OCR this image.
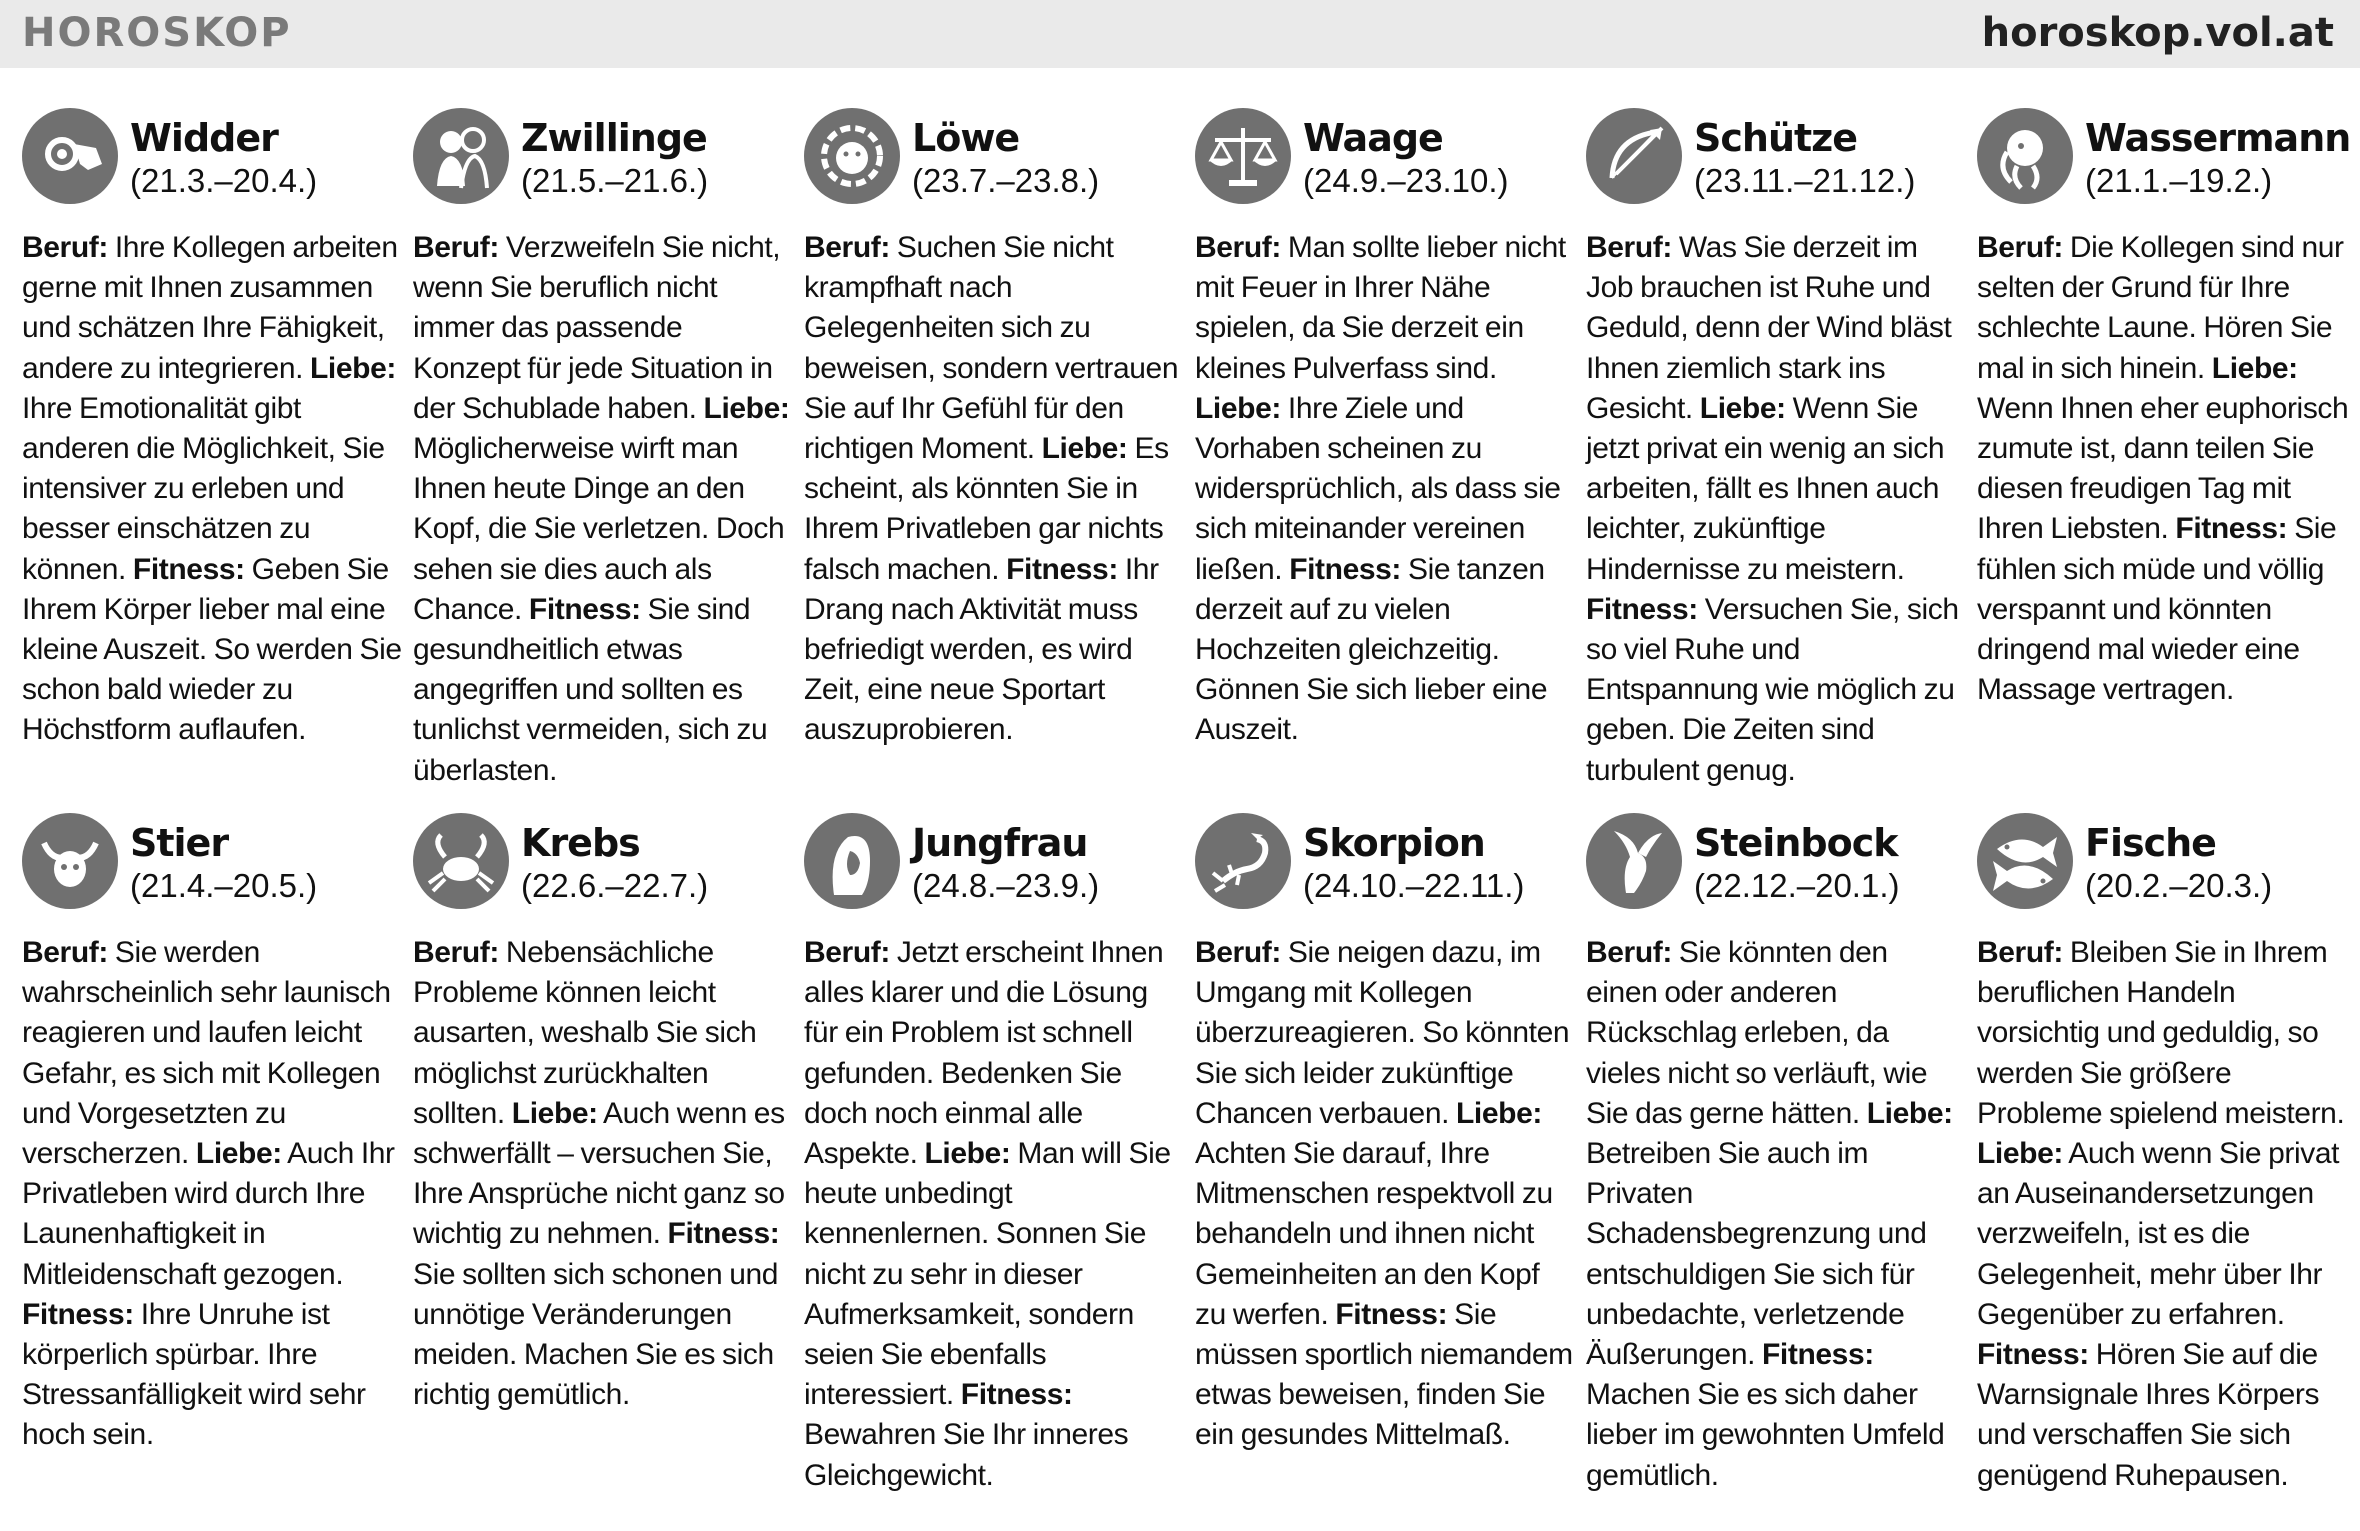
HOROSKOP	horoskop.vol.at
Widder
(21.3.–20.4.)
Beruf: Ihre Kollegen arbeiten gerne mit Ihnen zusammen und schätzen Ihre Fähigkeit, andere zu integrieren. Liebe: Ihre Emotionalität gibt anderen die Möglichkeit, Sie intensiver zu erleben und besser einschätzen zu können. Fitness: Geben Sie Ihrem Körper lieber mal eine kleine Auszeit. So werden Sie schon bald wieder zu Höchstform auflaufen.
Zwillinge
(21.5.–21.6.)
Beruf: Verzweifeln Sie nicht, wenn Sie beruflich nicht immer das passende Konzept für jede Situation in der Schublade haben. Liebe: Möglicherweise wirft man Ihnen heute Dinge an den Kopf, die Sie verletzen. Doch sehen sie dies auch als Chance. Fitness: Sie sind gesundheitlich etwas angegriffen und sollten es tunlichst vermeiden, sich zu überlasten.
Löwe
(23.7.–23.8.)
Beruf: Suchen Sie nicht krampfhaft nach Gelegenheiten sich zu beweisen, sondern vertrauen Sie auf Ihr Gefühl für den richtigen Moment. Liebe: Es scheint, als könnten Sie in Ihrem Privatleben gar nichts falsch machen. Fitness: Ihr Drang nach Aktivität muss befriedigt werden, es wird Zeit, eine neue Sportart auszuprobieren.
Waage
(24.9.–23.10.)
Beruf: Man sollte lieber nicht mit Feuer in Ihrer Nähe spielen, da Sie derzeit ein kleines Pulverfass sind. Liebe: Ihre Ziele und Vorhaben scheinen zu widersprüchlich, als dass sie sich miteinander vereinen ließen. Fitness: Sie tanzen derzeit auf zu vielen Hochzeiten gleichzeitig. Gönnen Sie sich lieber eine Auszeit.
Schütze
(23.11.–21.12.)
Beruf: Was Sie derzeit im Job brauchen ist Ruhe und Geduld, denn der Wind bläst Ihnen ziemlich stark ins Gesicht. Liebe: Wenn Sie jetzt privat ein wenig an sich arbeiten, fällt es Ihnen auch leichter, zukünftige Hindernisse zu meistern. Fitness: Versuchen Sie, sich so viel Ruhe und Entspannung wie möglich zu geben. Die Zeiten sind turbulent genug.
Wassermann
(21.1.–19.2.)
Beruf: Die Kollegen sind nur selten der Grund für Ihre schlechte Laune. Hören Sie mal in sich hinein. Liebe: Wenn Ihnen eher euphorisch zumute ist, dann teilen Sie diesen freudigen Tag mit Ihren Liebsten. Fitness: Sie fühlen sich müde und völlig verspannt und könnten dringend mal wieder eine Massage vertragen.
Stier
(21.4.–20.5.)
Beruf: Sie werden wahrscheinlich sehr launisch reagieren und laufen leicht Gefahr, es sich mit Kollegen und Vorgesetzten zu verscherzen. Liebe: Auch Ihr Privatleben wird durch Ihre Launenhaftigkeit in Mitleidenschaft gezogen. Fitness: Ihre Unruhe ist körperlich spürbar. Ihre Stressanfälligkeit wird sehr hoch sein.
Krebs
(22.6.–22.7.)
Beruf: Nebensächliche Probleme können leicht ausarten, weshalb Sie sich möglichst zurückhalten sollten. Liebe: Auch wenn es schwerfällt – versuchen Sie, Ihre Ansprüche nicht ganz so wichtig zu nehmen. Fitness: Sie sollten sich schonen und unnötige Veränderungen meiden. Machen Sie es sich richtig gemütlich.
Jungfrau
(24.8.–23.9.)
Beruf: Jetzt erscheint Ihnen alles klarer und die Lösung für ein Problem ist schnell gefunden. Bedenken Sie doch noch einmal alle Aspekte. Liebe: Man will Sie heute unbedingt kennenlernen. Sonnen Sie nicht zu sehr in dieser Aufmerksamkeit, sondern seien Sie ebenfalls interessiert. Fitness: Bewahren Sie Ihr inneres Gleichgewicht.
Skorpion
(24.10.–22.11.)
Beruf: Sie neigen dazu, im Umgang mit Kollegen überzureagieren. So könnten Sie sich leider zukünftige Chancen verbauen. Liebe: Achten Sie darauf, Ihre Mitmenschen respektvoll zu behandeln und ihnen nicht Gemeinheiten an den Kopf zu werfen. Fitness: Sie müssen sportlich niemandem etwas beweisen, finden Sie ein gesundes Mittelmaß.
Steinbock
(22.12.–20.1.)
Beruf: Sie könnten den einen oder anderen Rückschlag erleben, da vieles nicht so verläuft, wie Sie das gerne hätten. Liebe: Betreiben Sie auch im Privaten Schadensbegrenzung und entschuldigen Sie sich für unbedachte, verletzende Äußerungen. Fitness: Machen Sie es sich daher lieber im gewohnten Umfeld gemütlich.
Fische
(20.2.–20.3.)
Beruf: Bleiben Sie in Ihrem beruflichen Handeln vorsichtig und geduldig, so werden Sie größere Probleme spielend meistern. Liebe: Auch wenn Sie privat an Auseinandersetzungen verzweifeln, ist es die Gelegenheit, mehr über Ihr Gegenüber zu erfahren. Fitness: Hören Sie auf die Warnsignale Ihres Körpers und verschaffen Sie sich genügend Ruhepausen.
